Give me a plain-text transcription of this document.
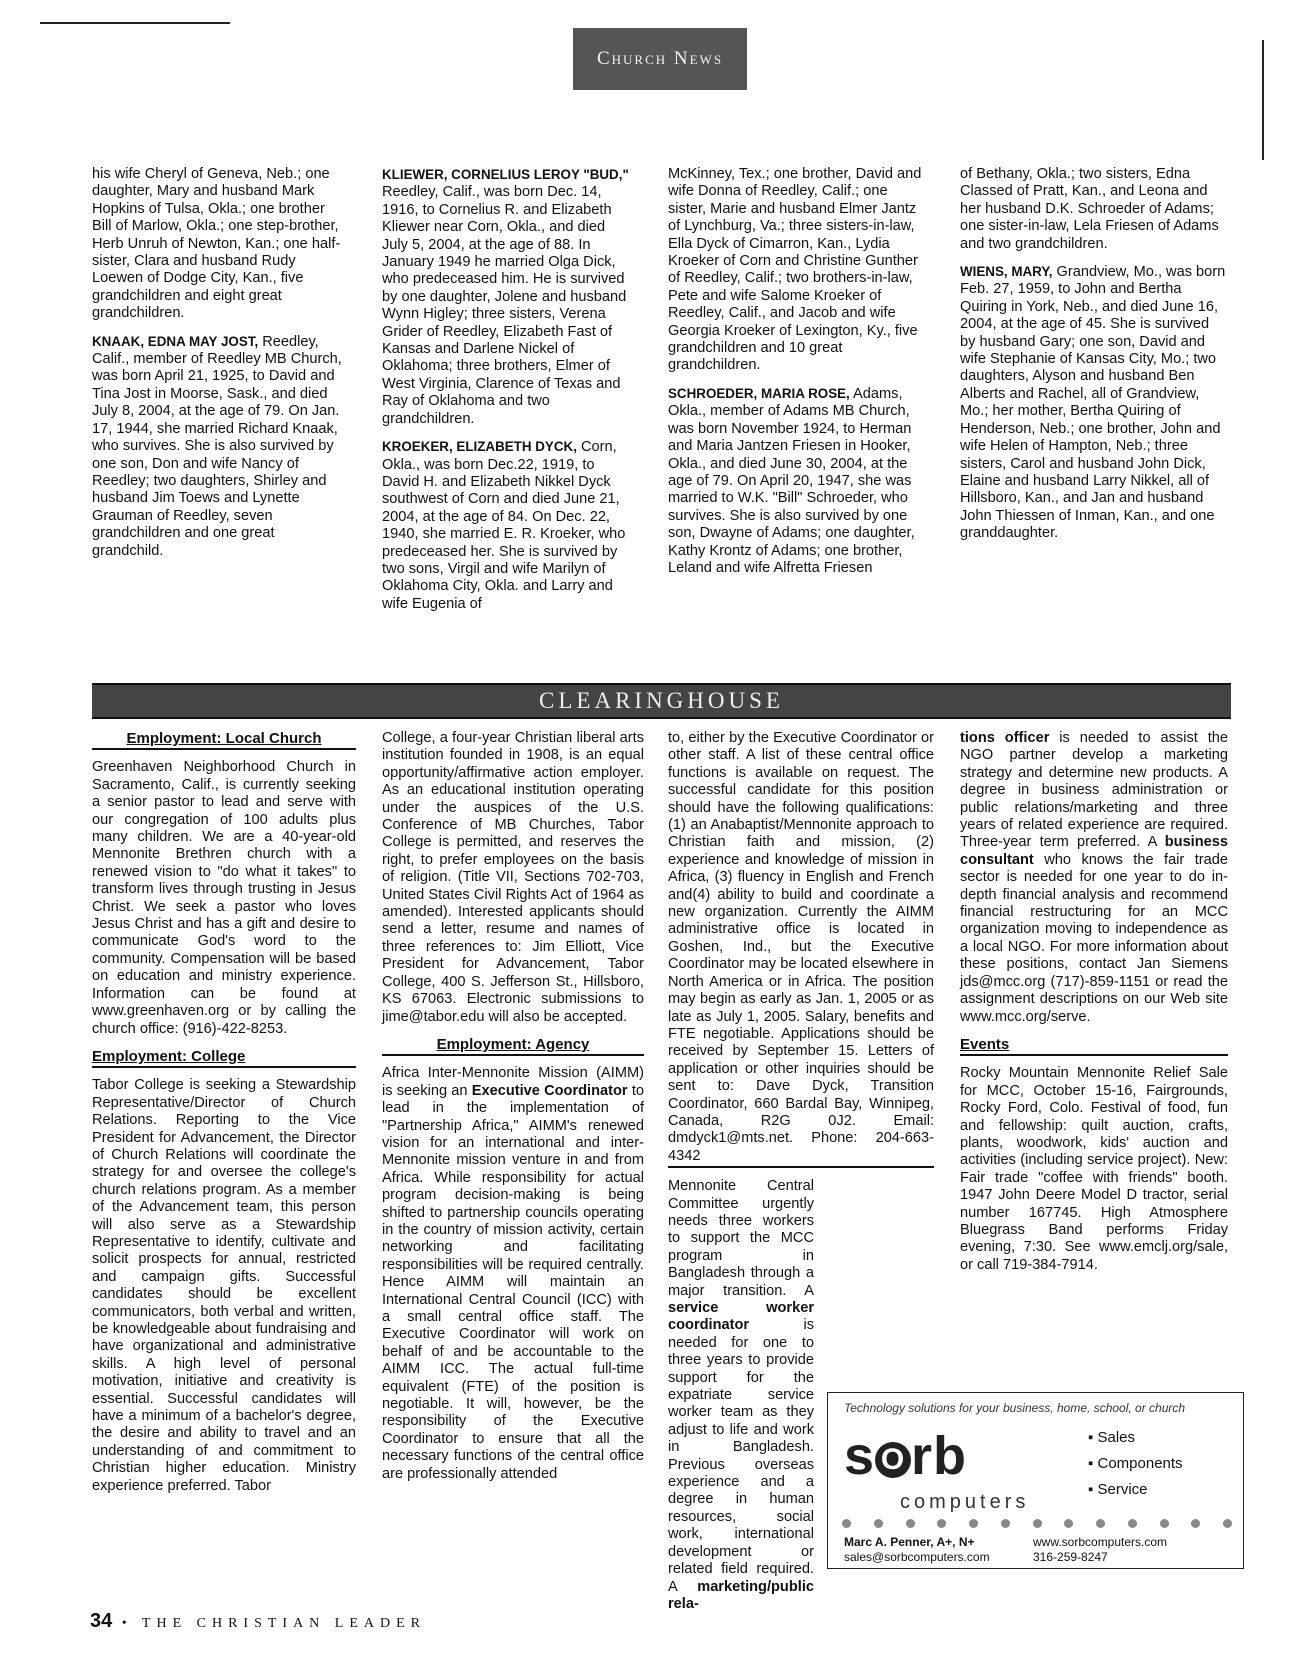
Church News

his wife Cheryl of Geneva, Neb.; one daughter, Mary and husband Mark Hopkins of Tulsa, Okla.; one brother Bill of Marlow, Okla.; one step-brother, Herb Unruh of Newton, Kan.; one half-sister, Clara and husband Rudy Loewen of Dodge City, Kan., five grandchildren and eight great grandchildren.

KNAAK, EDNA MAY JOST, Reedley, Calif., member of Reedley MB Church, was born April 21, 1925, to David and Tina Jost in Moorse, Sask., and died July 8, 2004, at the age of 79. On Jan. 17, 1944, she married Richard Knaak, who survives. She is also survived by one son, Don and wife Nancy of Reedley; two daughters, Shirley and husband Jim Toews and Lynette Grauman of Reedley, seven grandchildren and one great grandchild.

KLIEWER, CORNELIUS LEROY "BUD," Reedley, Calif., was born Dec. 14, 1916, to Cornelius R. and Elizabeth Kliewer near Corn, Okla., and died July 5, 2004, at the age of 88. In January 1949 he married Olga Dick, who predeceased him. He is survived by one daughter, Jolene and husband Wynn Higley; three sisters, Verena Grider of Reedley, Elizabeth Fast of Kansas and Darlene Nickel of Oklahoma; three brothers, Elmer of West Virginia, Clarence of Texas and Ray of Oklahoma and two grandchildren.

KROEKER, ELIZABETH DYCK, Corn, Okla., was born Dec.22, 1919, to David H. and Elizabeth Nikkel Dyck southwest of Corn and died June 21, 2004, at the age of 84. On Dec. 22, 1940, she married E. R. Kroeker, who predeceased her. She is survived by two sons, Virgil and wife Marilyn of Oklahoma City, Okla. and Larry and wife Eugenia of

McKinney, Tex.; one brother, David and wife Donna of Reedley, Calif.; one sister, Marie and husband Elmer Jantz of Lynchburg, Va.; three sisters-in-law, Ella Dyck of Cimarron, Kan., Lydia Kroeker of Corn and Christine Gunther of Reedley, Calif.; two brothers-in-law, Pete and wife Salome Kroeker of Reedley, Calif., and Jacob and wife Georgia Kroeker of Lexington, Ky., five grandchildren and 10 great grandchildren.

SCHROEDER, MARIA ROSE, Adams, Okla., member of Adams MB Church, was born November 1924, to Herman and Maria Jantzen Friesen in Hooker, Okla., and died June 30, 2004, at the age of 79. On April 20, 1947, she was married to W.K. "Bill" Schroeder, who survives. She is also survived by one son, Dwayne of Adams; one daughter, Kathy Krontz of Adams; one brother, Leland and wife Alfretta Friesen

of Bethany, Okla.; two sisters, Edna Classed of Pratt, Kan., and Leona and her husband D.K. Schroeder of Adams; one sister-in-law, Lela Friesen of Adams and two grandchildren.

WIENS, MARY, Grandview, Mo., was born Feb. 27, 1959, to John and Bertha Quiring in York, Neb., and died June 16, 2004, at the age of 45. She is survived by husband Gary; one son, David and wife Stephanie of Kansas City, Mo.; two daughters, Alyson and husband Ben Alberts and Rachel, all of Grandview, Mo.; her mother, Bertha Quiring of Henderson, Neb.; one brother, John and wife Helen of Hampton, Neb.; three sisters, Carol and husband John Dick, Elaine and husband Larry Nikkel, all of Hillsboro, Kan., and Jan and husband John Thiessen of Inman, Kan., and one granddaughter.

CLEARINGHOUSE
Employment: Local Church

Greenhaven Neighborhood Church in Sacramento, Calif., is currently seeking a senior pastor to lead and serve with our congregation of 100 adults plus many children. We are a 40-year-old Mennonite Brethren church with a renewed vision to "do what it takes" to transform lives through trusting in Jesus Christ. We seek a pastor who loves Jesus Christ and has a gift and desire to communicate God's word to the community. Compensation will be based on education and ministry experience. Information can be found at www.greenhaven.org or by calling the church office: (916)-422-8253.

Employment: College

Tabor College is seeking a Stewardship Representative/Director of Church Relations. Reporting to the Vice President for Advancement, the Director of Church Relations will coordinate the strategy for and oversee the college's church relations program. As a member of the Advancement team, this person will also serve as a Stewardship Representative to identify, cultivate and solicit prospects for annual, restricted and campaign gifts. Successful candidates should be excellent communicators, both verbal and written, be knowledgeable about fundraising and have organizational and administrative skills. A high level of personal motivation, initiative and creativity is essential. Successful candidates will have a minimum of a bachelor's degree, the desire and ability to travel and an understanding of and commitment to Christian higher education. Ministry experience preferred. Tabor

College, a four-year Christian liberal arts institution founded in 1908, is an equal opportunity/affirmative action employer. As an educational institution operating under the auspices of the U.S. Conference of MB Churches, Tabor College is permitted, and reserves the right, to prefer employees on the basis of religion. (Title VII, Sections 702-703, United States Civil Rights Act of 1964 as amended). Interested applicants should send a letter, resume and names of three references to: Jim Elliott, Vice President for Advancement, Tabor College, 400 S. Jefferson St., Hillsboro, KS 67063. Electronic submissions to jime@tabor.edu will also be accepted.

Employment: Agency

Africa Inter-Mennonite Mission (AIMM) is seeking an Executive Coordinator to lead in the implementation of "Partnership Africa," AIMM's renewed vision for an international and inter-Mennonite mission venture in and from Africa. While responsibility for actual program decision-making is being shifted to partnership councils operating in the country of mission activity, certain networking and facilitating responsibilities will be required centrally. Hence AIMM will maintain an International Central Council (ICC) with a small central office staff. The Executive Coordinator will work on behalf of and be accountable to the AIMM ICC. The actual full-time equivalent (FTE) of the position is negotiable. It will, however, be the responsibility of the Executive Coordinator to ensure that all the necessary functions of the central office are professionally attended

to, either by the Executive Coordinator or other staff. A list of these central office functions is available on request. The successful candidate for this position should have the following qualifications: (1) an Anabaptist/Mennonite approach to Christian faith and mission, (2) experience and knowledge of mission in Africa, (3) fluency in English and French and(4) ability to build and coordinate a new organization. Currently the AIMM administrative office is located in Goshen, Ind., but the Executive Coordinator may be located elsewhere in North America or in Africa. The position may begin as early as Jan. 1, 2005 or as late as July 1, 2005. Salary, benefits and FTE negotiable. Applications should be received by September 15. Letters of application or other inquiries should be sent to: Dave Dyck, Transition Coordinator, 660 Bardal Bay, Winnipeg, Canada, R2G 0J2. Email: dmdyck1@mts.net. Phone: 204-663-4342

Mennonite Central Committee urgently needs three workers to support the MCC program in Bangladesh through a major transition. A service worker coordinator is needed for one to three years to provide support for the expatriate service worker team as they adjust to life and work in Bangladesh. Previous overseas experience and a degree in human resources, social work, international development or related field required. A marketing/public rela-

tions officer is needed to assist the NGO partner develop a marketing strategy and determine new products. A degree in business administration or public relations/marketing and three years of related experience are required. Three-year term preferred. A business consultant who knows the fair trade sector is needed for one year to do in-depth financial analysis and recommend financial restructuring for an MCC organization moving to independence as a local NGO. For more information about these positions, contact Jan Siemens jds@mcc.org (717)-859-1151 or read the assignment descriptions on our Web site www.mcc.org/serve.

Events

Rocky Mountain Mennonite Relief Sale for MCC, October 15-16, Fairgrounds, Rocky Ford, Colo. Festival of food, fun and fellowship: quilt auction, crafts, plants, woodwork, kids' auction and activities (including service project). New: Fair trade "coffee with friends" booth. 1947 John Deere Model D tractor, serial number 167745. High Atmosphere Bluegrass Band performs Friday evening, 7:30. See www.emclj.org/sale, or call 719-384-7914.

Technology solutions for your business, home, school, or church
s O rb
computers
▪ Sales
▪ Components
▪ Service
Marc A. Penner, A+, N+
sales@sorbcomputers.com
www.sorbcomputers.com
316-259-8247
34 • THE CHRISTIAN LEADER
